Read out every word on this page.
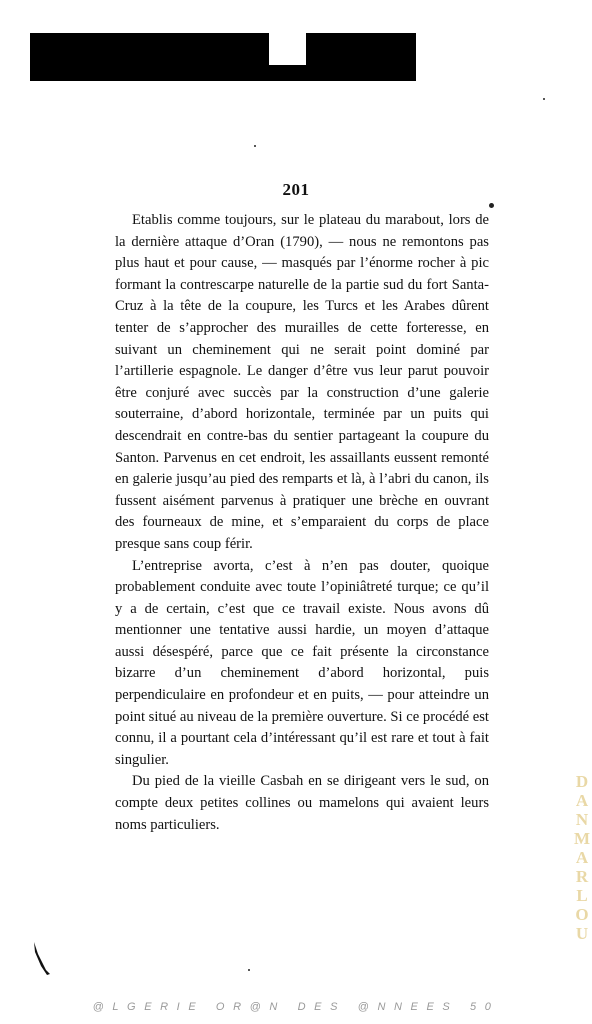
201

Etablis comme toujours, sur le plateau du marabout, lors de la dernière attaque d’Oran (1790), — nous ne remontons pas plus haut et pour cause, — masqués par l’énorme rocher à pic formant la contrescarpe naturelle de la partie sud du fort Santa-Cruz à la tête de la coupure, les Turcs et les Arabes dûrent tenter de s’approcher des murailles de cette forteresse, en suivant un cheminement qui ne serait point dominé par l’artillerie espagnole. Le danger d’être vus leur parut pouvoir être conjuré avec succès par la construction d’une galerie souterraine, d’abord horizontale, terminée par un puits qui descendrait en contre-bas du sentier partageant la coupure du Santon. Parvenus en cet endroit, les assaillants eussent remonté en galerie jusqu’au pied des remparts et là, à l’abri du canon, ils fussent aisément parvenus à pratiquer une brèche en ouvrant des fourneaux de mine, et s’emparaient du corps de place presque sans coup férir.

L’entreprise avorta, c’est à n’en pas douter, quoique probablement conduite avec toute l’opiniâtreté turque; ce qu’il y a de certain, c’est que ce travail existe. Nous avons dû mentionner une tentative aussi hardie, un moyen d’attaque aussi désespéré, parce que ce fait présente la circonstance bizarre d’un cheminement d’abord horizontal, puis perpendiculaire en profondeur et en puits, — pour atteindre un point situé au niveau de la première ouverture. Si ce procédé est connu, il a pourtant cela d’intéressant qu’il est rare et tout à fait singulier.

Du pied de la vieille Casbah en se dirigeant vers le sud, on compte deux petites collines ou mamelons qui avaient leurs noms particuliers.

DANMARLOU
@LGERIE OR@N DES @NNEES 50
